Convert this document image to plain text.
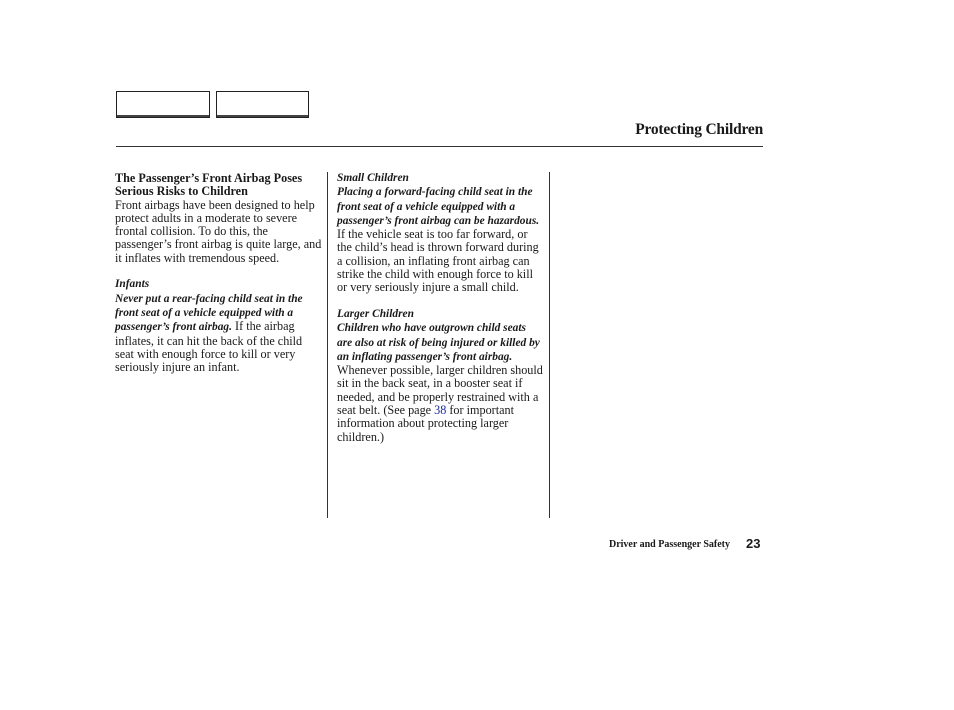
Protecting Children
The Passenger’s Front Airbag Poses Serious Risks to Children

Front airbags have been designed to help protect adults in a moderate to severe frontal collision. To do this, the passenger’s front airbag is quite large, and it inflates with tremendous speed.

Infants

Never put a rear-facing child seat in the front seat of a vehicle equipped with a passenger’s front airbag. If the airbag inflates, it can hit the back of the child seat with enough force to kill or very seriously injure an infant.

Small Children

Placing a forward-facing child seat in the front seat of a vehicle equipped with a passenger’s front airbag can be hazardous. If the vehicle seat is too far forward, or the child’s head is thrown forward during a collision, an inflating front airbag can strike the child with enough force to kill or very seriously injure a small child.

Larger Children

Children who have outgrown child seats are also at risk of being injured or killed by an inflating passenger’s front airbag. Whenever possible, larger children should sit in the back seat, in a booster seat if needed, and be properly restrained with a seat belt. (See page 38 for important information about protecting larger children.)

Driver and Passenger Safety 23
